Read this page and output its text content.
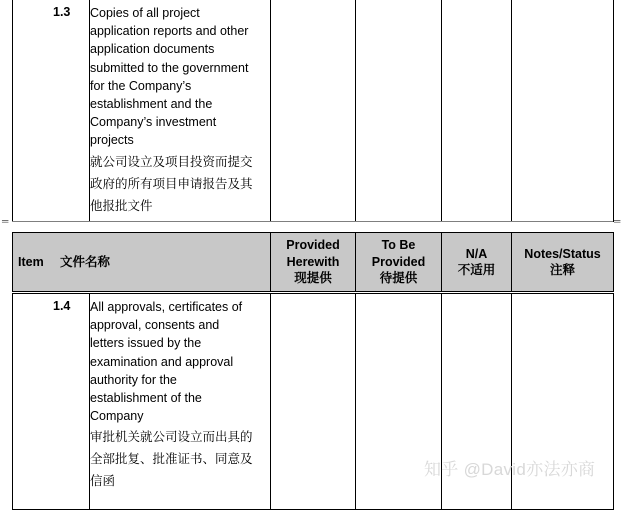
1.3	Copies of all project
application reports and other
application documents
submitted to the government
for the Company’s
establishment and the
Company’s investment
projects
就公司设立及项目投资而提交
政府的所有项目申请报告及其
他报批文件

═	═
Item 文件名称	
Provided
Herewith
现提供

To Be
Provided
待提供

N/A
不适用

Notes/Status
注释
1.4	All approvals, certificates of
approval, consents and
letters issued by the
examination and approval
authority for the
establishment of the
Company
审批机关就公司设立而出具的
全部批复、批准证书、同意及
信函

知乎 @David亦法亦商
